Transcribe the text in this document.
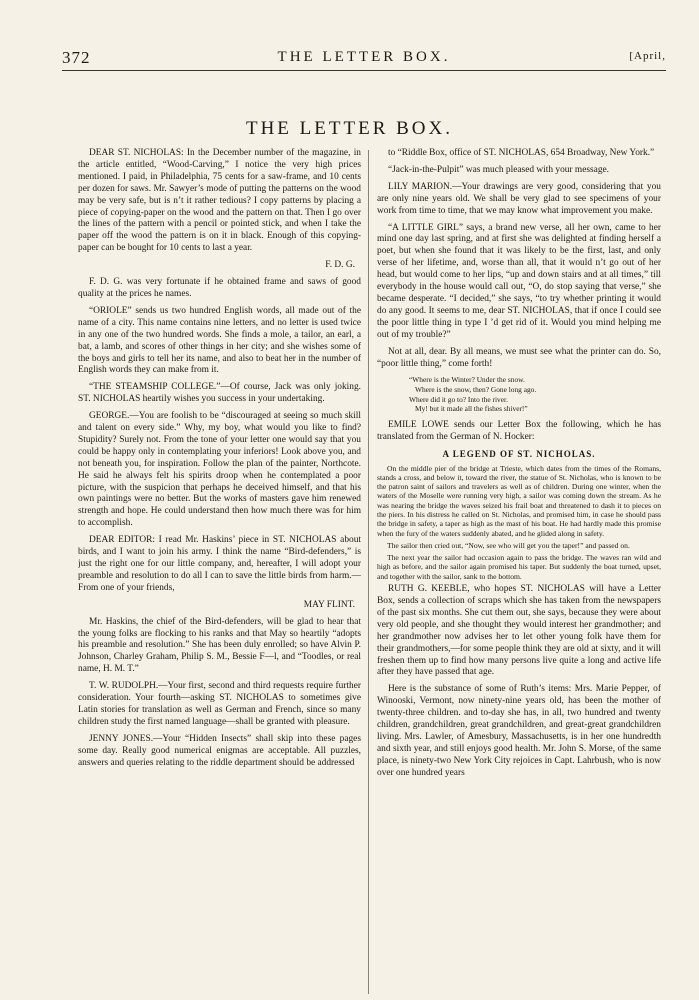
372	THE LETTER BOX.	[April,
THE LETTER BOX.

DEAR ST. NICHOLAS: In the December number of the magazine, in the article entitled, “Wood-Carving,” I notice the very high prices mentioned. I paid, in Philadelphia, 75 cents for a saw-frame, and 10 cents per dozen for saws. Mr. Sawyer’s mode of putting the patterns on the wood may be very safe, but is n’t it rather tedious? I copy patterns by placing a piece of copying-paper on the wood and the pattern on that. Then I go over the lines of the pattern with a pencil or pointed stick, and when I take the paper off the wood the pattern is on it in black. Enough of this copying-paper can be bought for 10 cents to last a year.

F. D. G.

F. D. G. was very fortunate if he obtained frame and saws of good quality at the prices he names.

“ORIOLE” sends us two hundred English words, all made out of the name of a city. This name contains nine letters, and no letter is used twice in any one of the two hundred words. She finds a mole, a tailor, an earl, a bat, a lamb, and scores of other things in her city; and she wishes some of the boys and girls to tell her its name, and also to beat her in the number of English words they can make from it.

“THE STEAMSHIP COLLEGE.”—Of course, Jack was only joking. ST. NICHOLAS heartily wishes you success in your undertaking.

GEORGE.—You are foolish to be “discouraged at seeing so much skill and talent on every side.” Why, my boy, what would you like to find? Stupidity? Surely not. From the tone of your letter one would say that you could be happy only in contemplating your inferiors! Look above you, and not beneath you, for inspiration. Follow the plan of the painter, Northcote. He said he always felt his spirits droop when he contemplated a poor picture, with the suspicion that perhaps he deceived himself, and that his own paintings were no better. But the works of masters gave him renewed strength and hope. He could understand then how much there was for him to accomplish.

DEAR EDITOR: I read Mr. Haskins’ piece in ST. NICHOLAS about birds, and I want to join his army. I think the name “Bird-defenders,” is just the right one for our little company, and, hereafter, I will adopt your preamble and resolution to do all I can to save the little birds from harm.—From one of your friends,

MAY FLINT.

Mr. Haskins, the chief of the Bird-defenders, will be glad to hear that the young folks are flocking to his ranks and that May so heartily “adopts his preamble and resolution.” She has been duly enrolled; so have Alvin P. Johnson, Charley Graham, Philip S. M., Bessie F—l, and “Toodles, or real name, H. M. T.”

T. W. RUDOLPH.—Your first, second and third requests require further consideration. Your fourth—asking ST. NICHOLAS to sometimes give Latin stories for translation as well as German and French, since so many children study the first named language—shall be granted with pleasure.

JENNY JONES.—Your “Hidden Insects” shall skip into these pages some day. Really good numerical enigmas are acceptable. All puzzles, answers and queries relating to the riddle department should be addressed

to “Riddle Box, office of ST. NICHOLAS, 654 Broadway, New York.”

“Jack-in-the-Pulpit” was much pleased with your message.

LILY MARION.—Your drawings are very good, considering that you are only nine years old. We shall be very glad to see specimens of your work from time to time, that we may know what improvement you make.

“A LITTLE GIRL” says, a brand new verse, all her own, came to her mind one day last spring, and at first she was delighted at finding herself a poet, but when she found that it was likely to be the first, last, and only verse of her lifetime, and, worse than all, that it would n’t go out of her head, but would come to her lips, “up and down stairs and at all times,” till everybody in the house would call out, “O, do stop saying that verse,” she became desperate. “I decided,” she says, “to try whether printing it would do any good. It seems to me, dear ST. NICHOLAS, that if once I could see the poor little thing in type I ’d get rid of it. Would you mind helping me out of my trouble?”

Not at all, dear. By all means, we must see what the printer can do. So, “poor little thing,” come forth!

“Where is the Winter? Under the snow.
Where is the snow, then? Gone long ago.
Where did it go to? Into the river.
My! but it made all the fishes shiver!”

EMILE LOWE sends our Letter Box the following, which he has translated from the German of N. Hocker:

A LEGEND OF ST. NICHOLAS.

On the middle pier of the bridge at Trieste, which dates from the times of the Romans, stands a cross, and below it, toward the river, the statue of St. Nicholas, who is known to be the patron saint of sailors and travelers as well as of children. During one winter, when the waters of the Moselle were running very high, a sailor was coming down the stream. As he was nearing the bridge the waves seized his frail boat and threatened to dash it to pieces on the piers. In his distress he called on St. Nicholas, and promised him, in case he should pass the bridge in safety, a taper as high as the mast of his boat. He had hardly made this promise when the fury of the waters suddenly abated, and he glided along in safety.

The sailor then cried out, “Now, see who will get you the taper!” and passed on.

The next year the sailor had occasion again to pass the bridge. The waves ran wild and high as before, and the sailor again promised his taper. But suddenly the boat turned, upset, and together with the sailor, sank to the bottom.

RUTH G. KEEBLE, who hopes ST. NICHOLAS will have a Letter Box, sends a collection of scraps which she has taken from the newspapers of the past six months. She cut them out, she says, because they were about very old people, and she thought they would interest her grandmother; and her grandmother now advises her to let other young folk have them for their grandmothers,—for some people think they are old at sixty, and it will freshen them up to find how many persons live quite a long and active life after they have passed that age.

Here is the substance of some of Ruth’s items: Mrs. Marie Pepper, of Winooski, Vermont, now ninety-nine years old, has been the mother of twenty-three children. and to-day she has, in all, two hundred and twenty children, grandchildren, great grandchildren, and great-great grandchildren living. Mrs. Lawler, of Amesbury, Massachusetts, is in her one hundredth and sixth year, and still enjoys good health. Mr. John S. Morse, of the same place, is ninety-two New York City rejoices in Capt. Lahrbush, who is now over one hundred years
